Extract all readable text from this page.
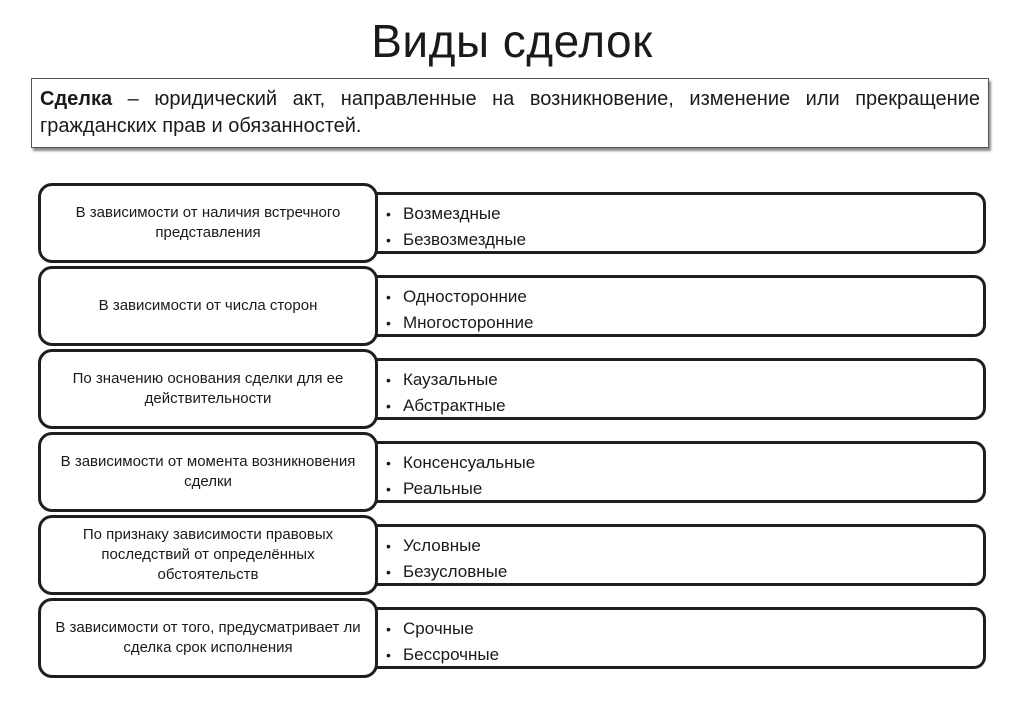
Виды сделок
Сделка – юридический акт, направленные на возникновение, изменение или прекращение гражданских прав и обязанностей.
В зависимости от наличия встречного представления
• Возмездные
• Безвозмездные
В зависимости от числа сторон	• Односторонние
• Многосторонние
По значению основания сделки для ее действительности
• Каузальные
• Абстрактные
В зависимости от момента возникновения сделки
• Консенсуальные
• Реальные
По признаку зависимости правовых последствий от определённых обстоятельств
• Условные
• Безусловные
В зависимости от того, предусматривает ли сделка срок исполнения
• Срочные
• Бессрочные
